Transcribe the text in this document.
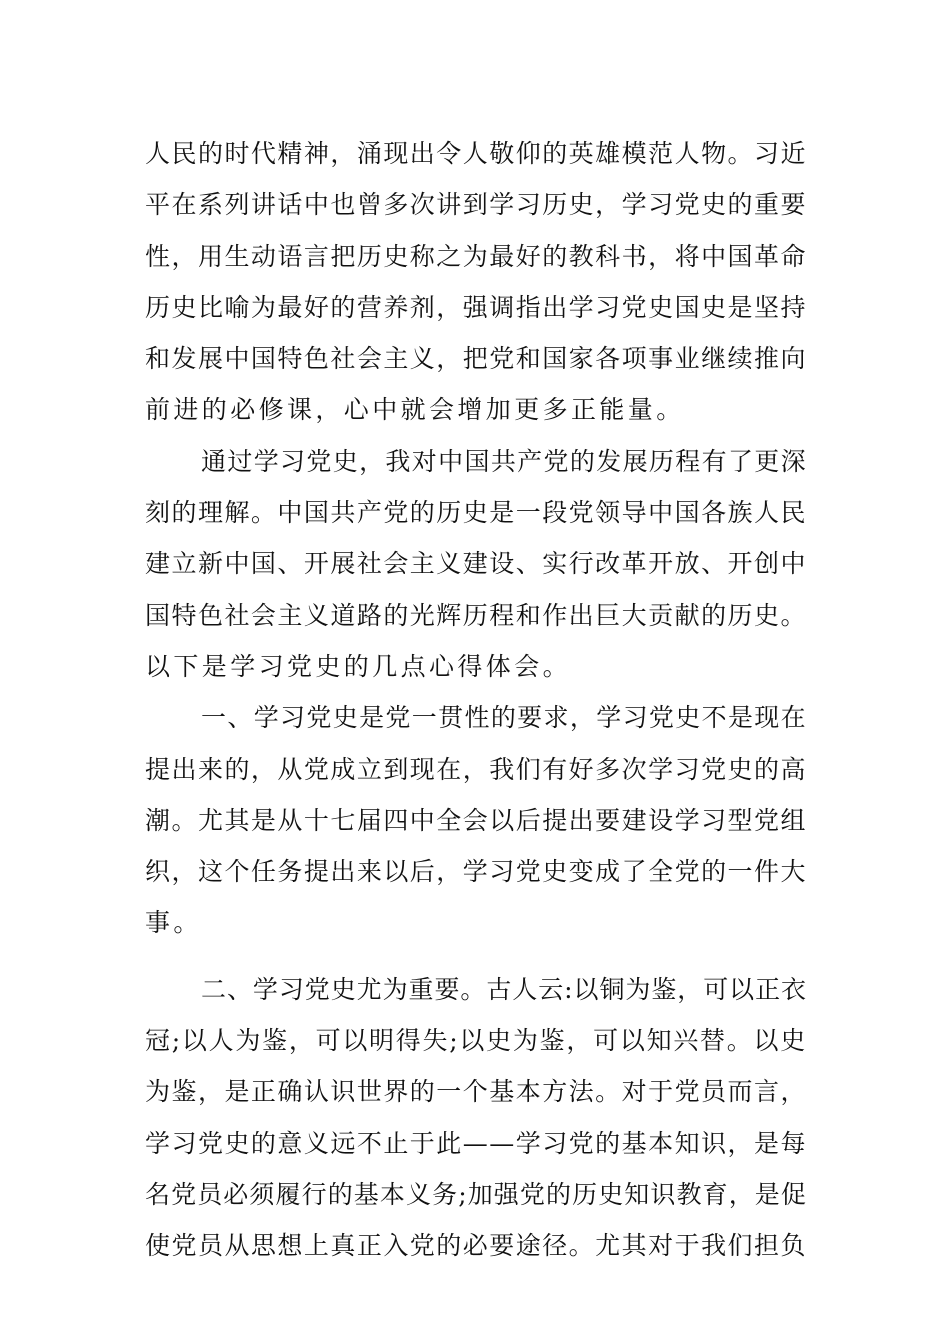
人民的时代精神，涌现出令人敬仰的英雄模范人物。习近
平在系列讲话中也曾多次讲到学习历史，学习党史的重要
性，用生动语言把历史称之为最好的教科书，将中国革命
历史比喻为最好的营养剂，强调指出学习党史国史是坚持
和发展中国特色社会主义，把党和国家各项事业继续推向
前进的必修课，心中就会增加更多正能量。

通过学习党史，我对中国共产党的发展历程有了更深
刻的理解。中国共产党的历史是一段党领导中国各族人民
建立新中国、开展社会主义建设、实行改革开放、开创中
国特色社会主义道路的光辉历程和作出巨大贡献的历史。
以下是学习党史的几点心得体会。

一、学习党史是党一贯性的要求，学习党史不是现在
提出来的，从党成立到现在，我们有好多次学习党史的高
潮。尤其是从十七届四中全会以后提出要建设学习型党组
织，这个任务提出来以后，学习党史变成了全党的一件大
事。

二、学习党史尤为重要。古人云:以铜为鉴，可以正衣
冠;以人为鉴，可以明得失;以史为鉴，可以知兴替。以史
为鉴，是正确认识世界的一个基本方法。对于党员而言，
学习党史的意义远不止于此——学习党的基本知识，是每
名党员必须履行的基本义务;加强党的历史知识教育，是促
使党员从思想上真正入党的必要途径。尤其对于我们担负
